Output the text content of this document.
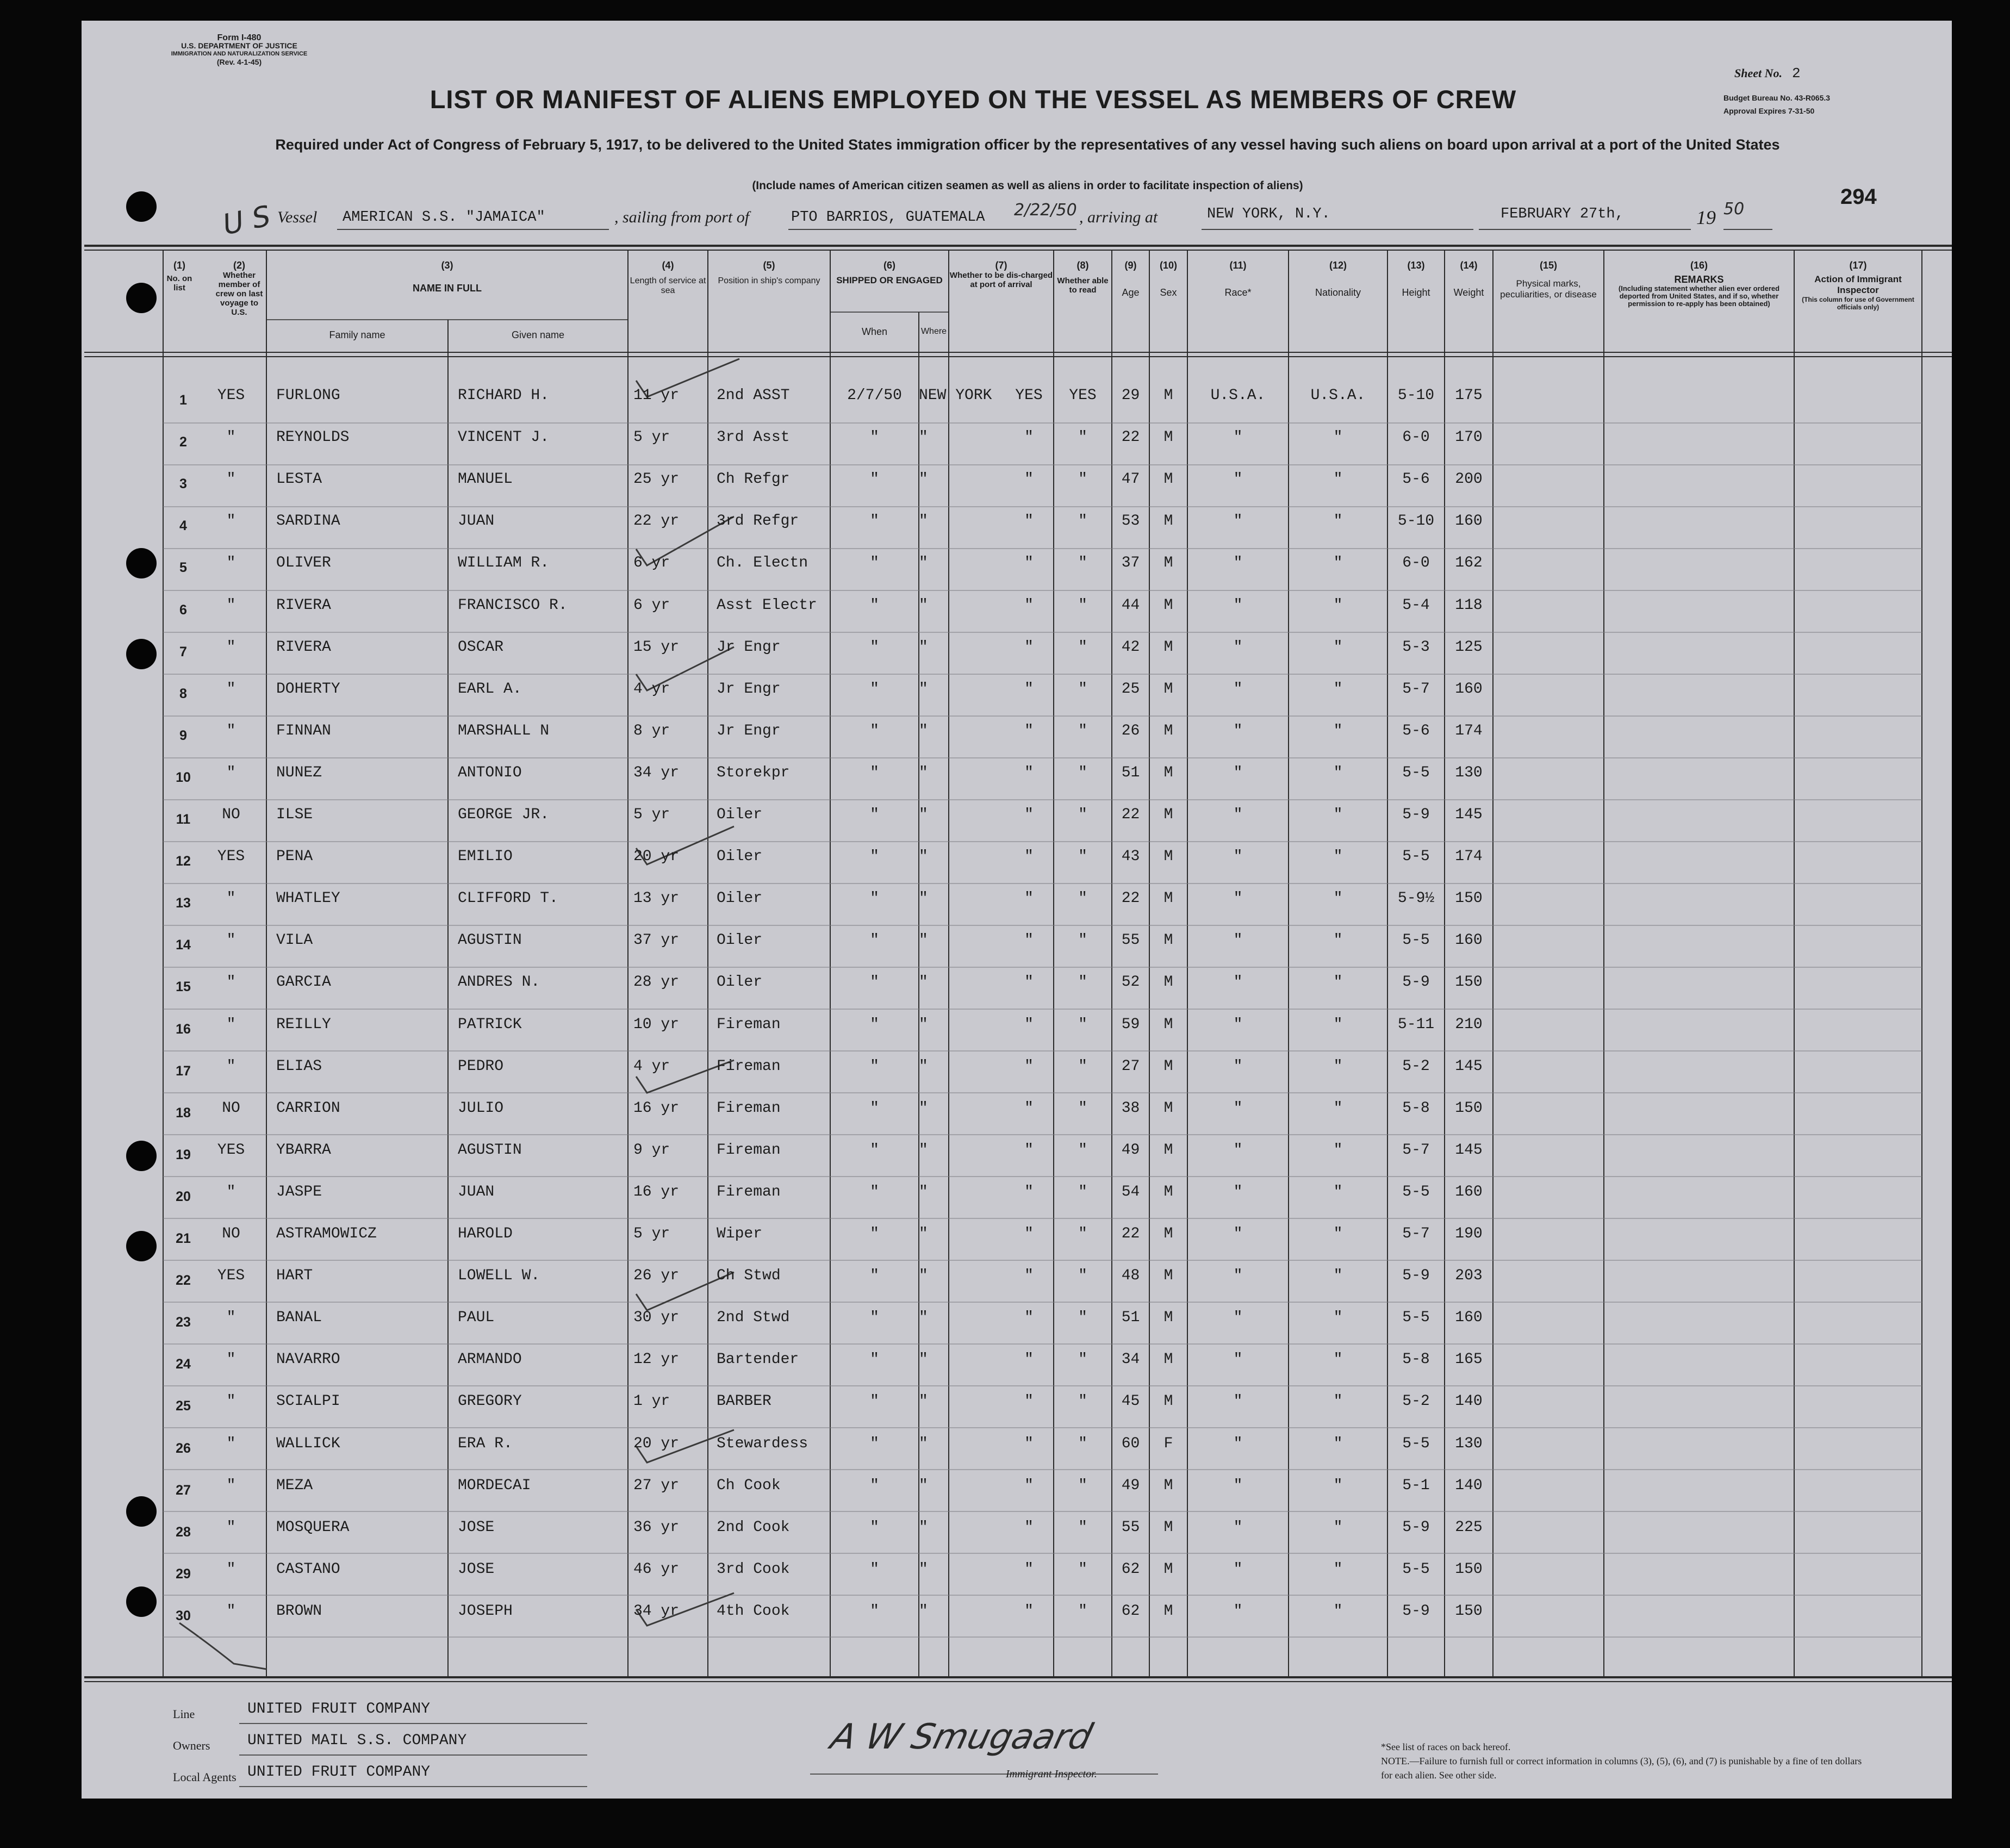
Form I-480
U.S. DEPARTMENT OF JUSTICE
IMMIGRATION AND NATURALIZATION SERVICE
(Rev. 4-1-45)
LIST OR MANIFEST OF ALIENS EMPLOYED ON THE VESSEL AS MEMBERS OF CREW
Sheet No. 2
Budget Bureau No. 43-R065.3
Approval Expires 7-31-50
Required under Act of Congress of February 5, 1917, to be delivered to the United States immigration officer by the representatives of any vessel having such aliens on board upon arrival at a port of the United States
(Include names of American citizen seamen as well as aliens in order to facilitate inspection of aliens)	294
U S Vessel AMERICAN S.S. "JAMAICA"	, sailing from port of	PTO BARRIOS, GUATEMALA 2/22/50 , arriving at	NEW YORK, N.Y.	FEBRUARY 27th,	19 50
(1)
No. on list
(2)
Whether member of crew on last voyage to U.S.
(3)
NAME IN FULL
Family name	Given name
(4)
Length of service at sea
(5)
Position in ship's company
(6)
SHIPPED OR ENGAGED
When	Where
(7)
Whether to be dis-charged at port of arrival
(8)
Whether able to read
(9)
Age
(10)
Sex
(11)
Race*
(12)
Nationality
(13)
Height
(14)
Weight
(15)
Physical marks, peculiarities, or disease
(16)
REMARKS
(Including statement whether alien ever ordered deported from United States, and if so, whether permission to re-apply has been obtained)
(17)
Action of Immigrant Inspector
(This column for use of Government officials only)
1	YES	FURLONG	RICHARD H.	11 yr	2nd ASST	2/7/50	NEW YORK	YES	YES	29	M	U.S.A.	U.S.A.	5-10	175
2	"	REYNOLDS	VINCENT J.	5 yr	3rd Asst	"	"	"	"	22	M	"	"	6-0	170
3	"	LESTA	MANUEL	25 yr	Ch Refgr	"	"	"	"	47	M	"	"	5-6	200
4	"	SARDINA	JUAN	22 yr	3rd Refgr	"	"	"	"	53	M	"	"	5-10	160
5	"	OLIVER	WILLIAM R.	6 yr	Ch. Electn	"	"	"	"	37	M	"	"	6-0	162
6	"	RIVERA	FRANCISCO R.	6 yr	Asst Electr	"	"	"	"	44	M	"	"	5-4	118
7	"	RIVERA	OSCAR	15 yr	Jr Engr	"	"	"	"	42	M	"	"	5-3	125
8	"	DOHERTY	EARL A.	4 yr	Jr Engr	"	"	"	"	25	M	"	"	5-7	160
9	"	FINNAN	MARSHALL N	8 yr	Jr Engr	"	"	"	"	26	M	"	"	5-6	174
10	"	NUNEZ	ANTONIO	34 yr	Storekpr	"	"	"	"	51	M	"	"	5-5	130
11	NO	ILSE	GEORGE JR.	5 yr	Oiler	"	"	"	"	22	M	"	"	5-9	145
12	YES	PENA	EMILIO	20 yr	Oiler	"	"	"	"	43	M	"	"	5-5	174
13	"	WHATLEY	CLIFFORD T.	13 yr	Oiler	"	"	"	"	22	M	"	"	5-9½	150
14	"	VILA	AGUSTIN	37 yr	Oiler	"	"	"	"	55	M	"	"	5-5	160
15	"	GARCIA	ANDRES N.	28 yr	Oiler	"	"	"	"	52	M	"	"	5-9	150
16	"	REILLY	PATRICK	10 yr	Fireman	"	"	"	"	59	M	"	"	5-11	210
17	"	ELIAS	PEDRO	4 yr	Fireman	"	"	"	"	27	M	"	"	5-2	145
18	NO	CARRION	JULIO	16 yr	Fireman	"	"	"	"	38	M	"	"	5-8	150
19	YES	YBARRA	AGUSTIN	9 yr	Fireman	"	"	"	"	49	M	"	"	5-7	145
20	"	JASPE	JUAN	16 yr	Fireman	"	"	"	"	54	M	"	"	5-5	160
21	NO	ASTRAMOWICZ	HAROLD	5 yr	Wiper	"	"	"	"	22	M	"	"	5-7	190
22	YES	HART	LOWELL W.	26 yr	Ch Stwd	"	"	"	"	48	M	"	"	5-9	203
23	"	BANAL	PAUL	30 yr	2nd Stwd	"	"	"	"	51	M	"	"	5-5	160
24	"	NAVARRO	ARMANDO	12 yr	Bartender	"	"	"	"	34	M	"	"	5-8	165
25	"	SCIALPI	GREGORY	1 yr	BARBER	"	"	"	"	45	M	"	"	5-2	140
26	"	WALLICK	ERA R.	20 yr	Stewardess	"	"	"	"	60	F	"	"	5-5	130
27	"	MEZA	MORDECAI	27 yr	Ch Cook	"	"	"	"	49	M	"	"	5-1	140
28	"	MOSQUERA	JOSE	36 yr	2nd Cook	"	"	"	"	55	M	"	"	5-9	225
29	"	CASTANO	JOSE	46 yr	3rd Cook	"	"	"	"	62	M	"	"	5-5	150
30	"	BROWN	JOSEPH	34 yr	4th Cook	"	"	"	"	62	M	"	"	5-9	150
Line	UNITED FRUIT COMPANY
Owners UNITED MAIL S.S. COMPANY
Local Agents UNITED FRUIT COMPANY
A W Smugaard
Immigrant Inspector.
*See list of races on back hereof.
NOTE.—Failure to furnish full or correct information in columns (3), (5), (6), and (7) is punishable by a fine of ten dollars for each alien. See other side.
